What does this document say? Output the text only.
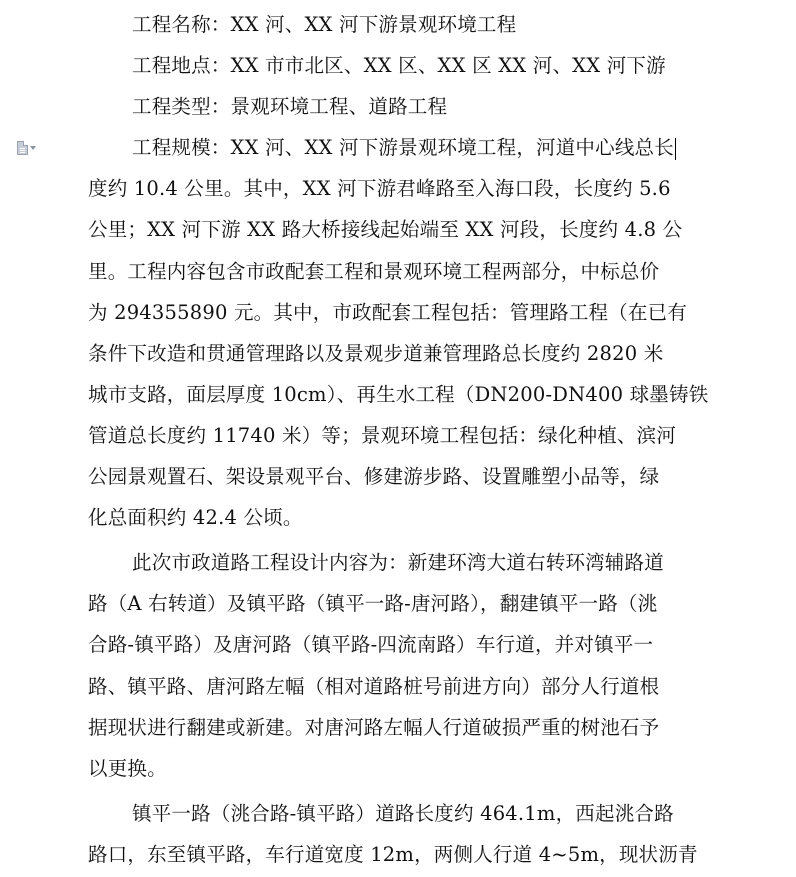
工程名称：XX 河、XX 河下游景观环境工程
工程地点：XX 市市北区、XX 区、XX 区 XX 河、XX 河下游
工程类型：景观环境工程、道路工程
工程规模：XX 河、XX 河下游景观环境工程，河道中心线总长
度约 10.4 公里。其中，XX 河下游君峰路至入海口段，长度约 5.6
公里；XX 河下游 XX 路大桥接线起始端至 XX 河段，长度约 4.8 公
里。工程内容包含市政配套工程和景观环境工程两部分，中标总价
为 294355890 元。其中，市政配套工程包括：管理路工程（在已有
条件下改造和贯通管理路以及景观步道兼管理路总长度约 2820 米
城市支路，面层厚度 10cm）、再生水工程（DN200-DN400 球墨铸铁
管道总长度约 11740 米）等；景观环境工程包括：绿化种植、滨河
公园景观置石、架设景观平台、修建游步路、设置雕塑小品等，绿
化总面积约 42.4 公顷。
此次市政道路工程设计内容为：新建环湾大道右转环湾辅路道
路（A 右转道）及镇平路（镇平一路-唐河路），翻建镇平一路（洮
合路-镇平路）及唐河路（镇平路-四流南路）车行道，并对镇平一
路、镇平路、唐河路左幅（相对道路桩号前进方向）部分人行道根
据现状进行翻建或新建。对唐河路左幅人行道破损严重的树池石予
以更换。
镇平一路（洮合路-镇平路）道路长度约 464.1m，西起洮合路
路口，东至镇平路，车行道宽度 12m，两侧人行道 4~5m，现状沥青
